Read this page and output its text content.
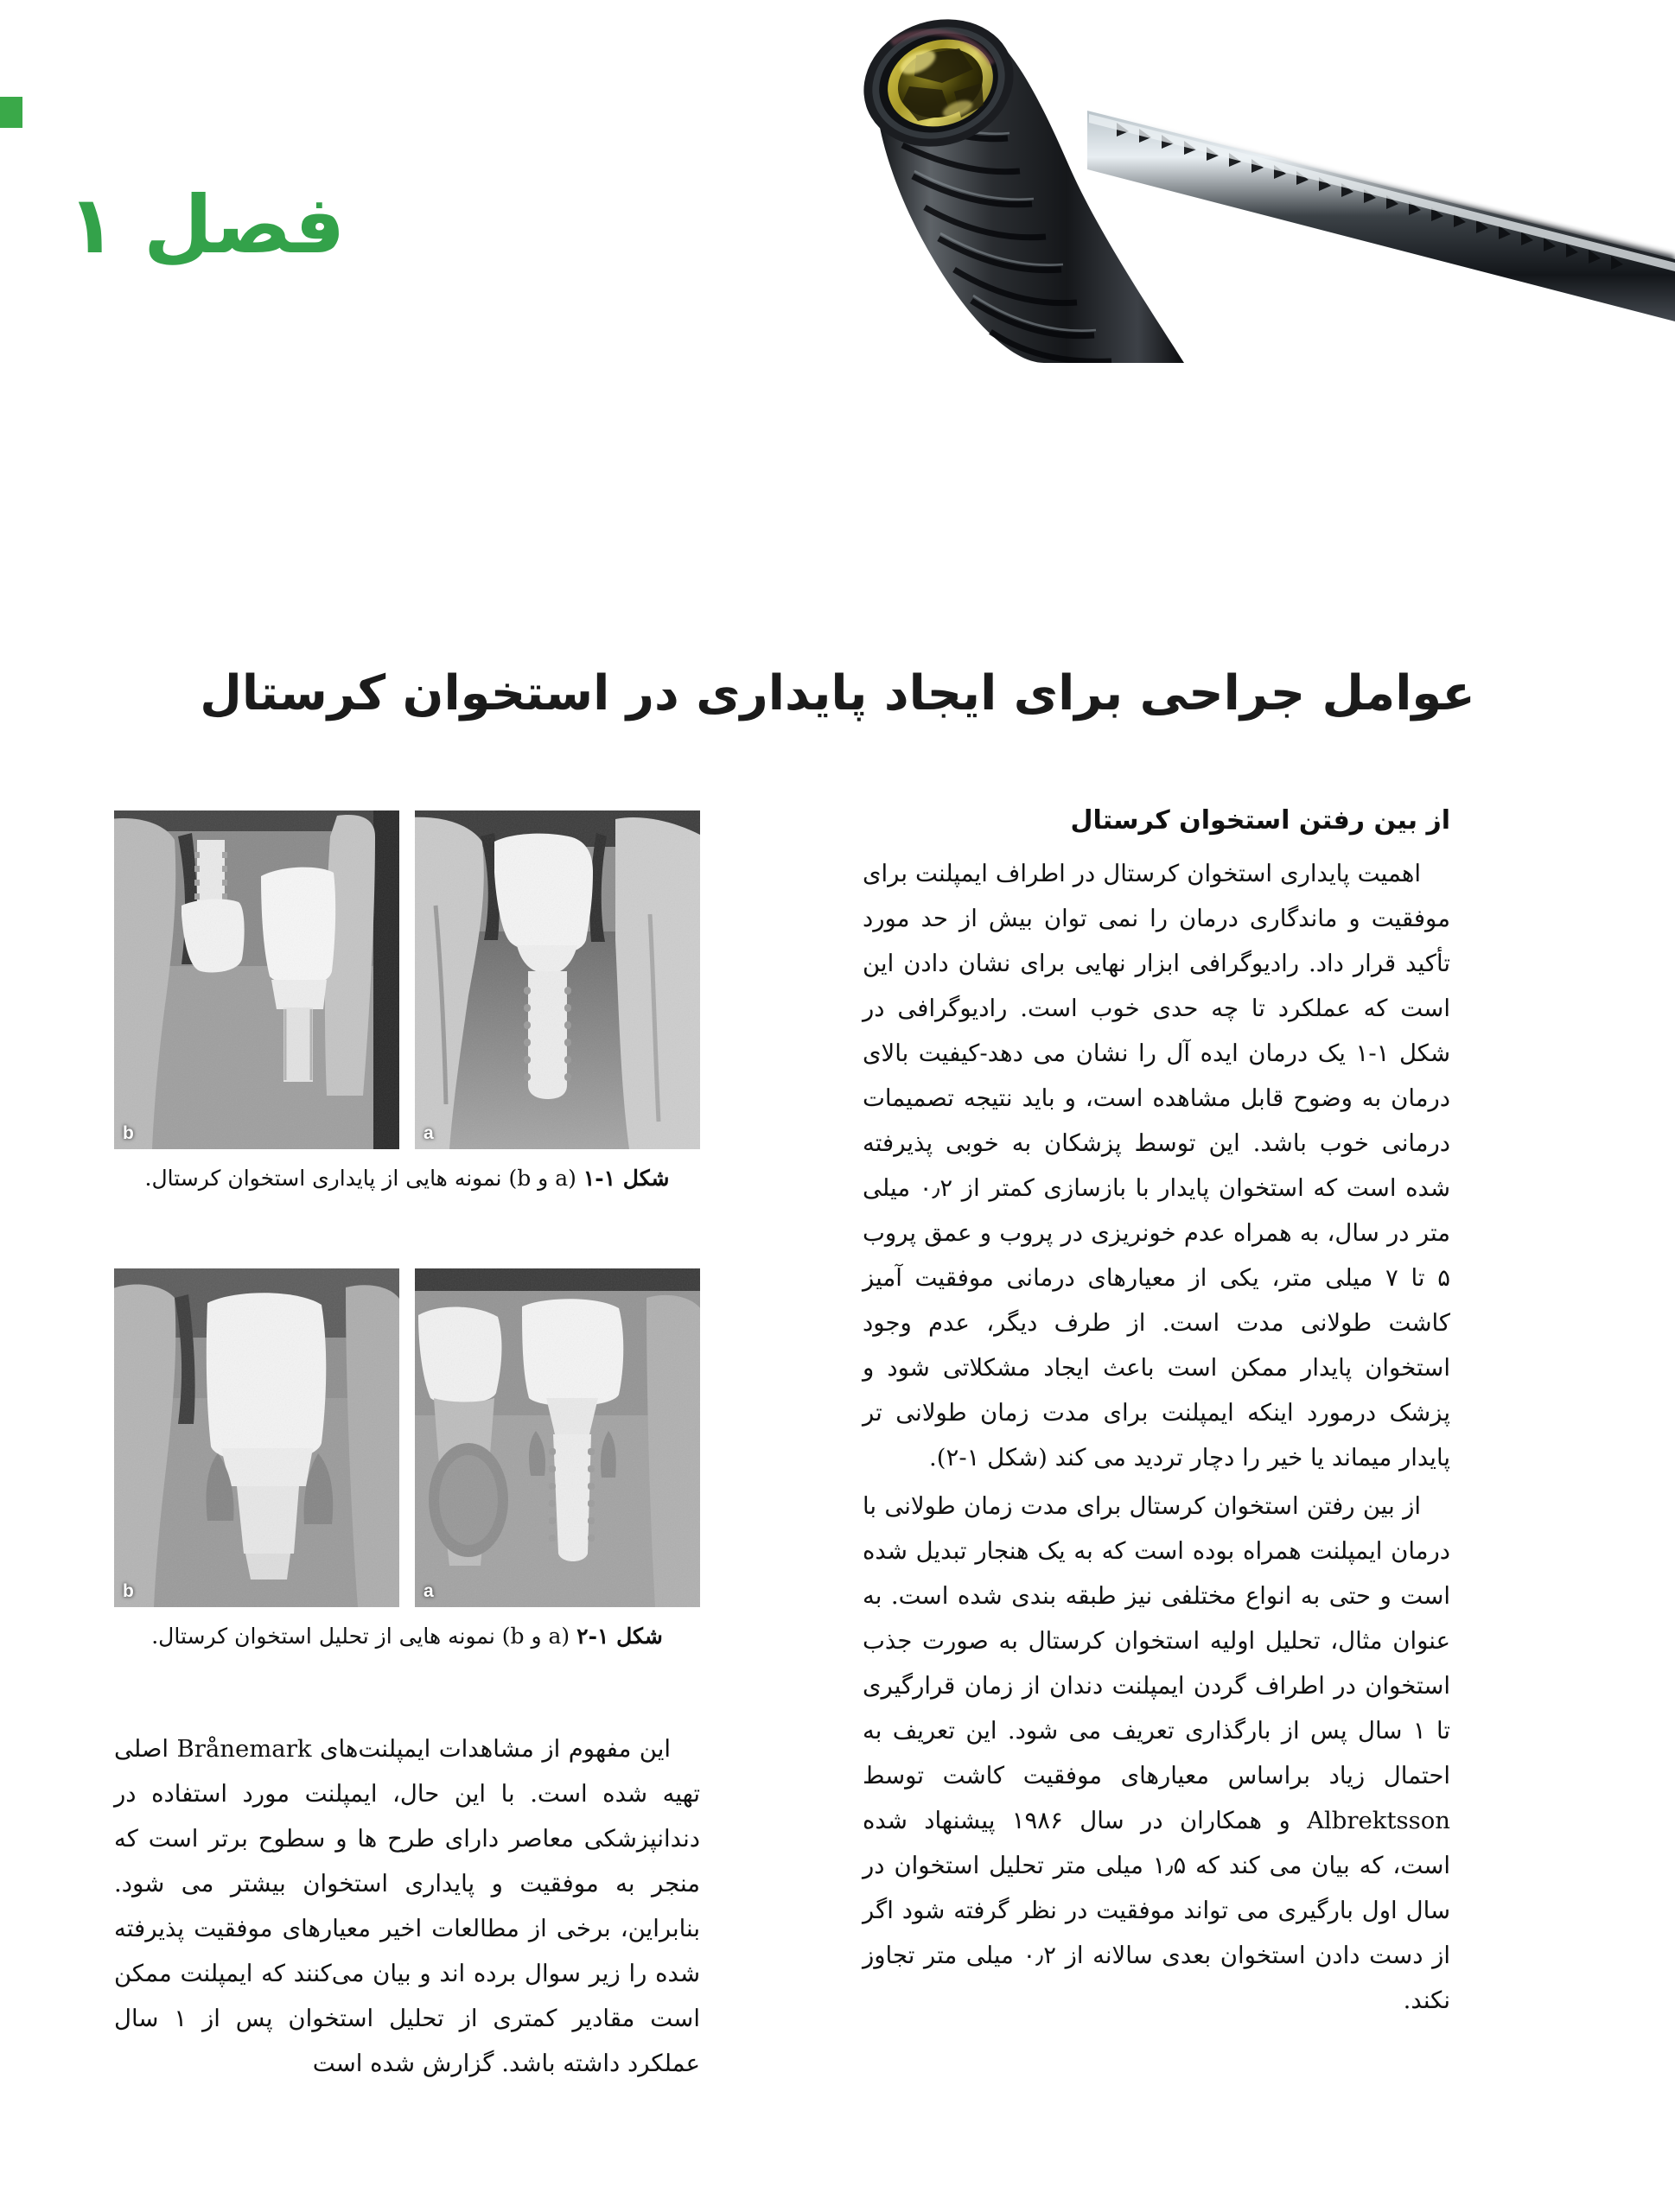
فصل ۱
عوامل جراحی برای ایجاد پایداری در استخوان کرستال
a
b
شکل ۱-۱ (a و b) نمونه هایی از پایداری استخوان کرستال.
a
b
شکل ۱-۲ (a و b) نمونه هایی از تحلیل استخوان کرستال.
از بین رفتن استخوان کرستال

اهمیت پایداری استخوان کرستال در اطراف ایمپلنت برای موفقیت و ماندگاری درمان را نمی توان بیش از حد مورد تأکید قرار داد. رادیوگرافی ابزار نهایی برای نشان دادن این است که عملکرد تا چه حدی خوب است. رادیوگرافی در شکل ۱-۱ یک درمان ایده آل را نشان می دهد-کیفیت بالای درمان به وضوح قابل مشاهده است، و باید نتیجه تصمیمات درمانی خوب باشد. این توسط پزشکان به خوبی پذیرفته شده است که استخوان پایدار با بازسازی کمتر از ۰٫۲ میلی متر در سال، به همراه عدم خونریزی در پروب و عمق پروب ۵ تا ۷ میلی متر، یکی از معیارهای درمانی موفقیت آمیز کاشت طولانی مدت است. از طرف دیگر، عدم وجود استخوان پایدار ممکن است باعث ایجاد مشکلاتی شود و پزشک درمورد اینکه ایمپلنت برای مدت زمان طولانی تر پایدار میماند یا خیر را دچار تردید می کند (شکل ۱-۲).

از بین رفتن استخوان کرستال برای مدت زمان طولانی با درمان ایمپلنت همراه بوده است که به یک هنجار تبدیل شده است و حتی به انواع مختلفی نیز طبقه بندی شده است. به عنوان مثال، تحلیل اولیه استخوان کرستال به صورت جذب استخوان در اطراف گردن ایمپلنت دندان از زمان قرارگیری تا ۱ سال پس از بارگذاری تعریف می شود. این تعریف به احتمال زیاد براساس معیارهای موفقیت کاشت توسط Albrektsson و همکاران در سال ۱۹۸۶ پیشنهاد شده است، که بیان می کند که ۱٫۵ میلی متر تحلیل استخوان در سال اول بارگیری می تواند موفقیت در نظر گرفته شود اگر از دست دادن استخوان بعدی سالانه از ۰٫۲ میلی متر تجاوز نکند.

این مفهوم از مشاهدات ایمپلنت‌های Brånemark اصلی تهیه شده است. با این حال، ایمپلنت مورد استفاده در دندانپزشکی معاصر دارای طرح ها و سطوح برتر است که منجر به موفقیت و پایداری استخوان بیشتر می شود. بنابراین، برخی از مطالعات اخیر معیارهای موفقیت پذیرفته شده را زیر سوال برده اند و بیان می‌کنند که ایمپلنت ممکن است مقادیر کمتری از تحلیل استخوان پس از ۱ سال عملکرد داشته باشد. گزارش شده است
